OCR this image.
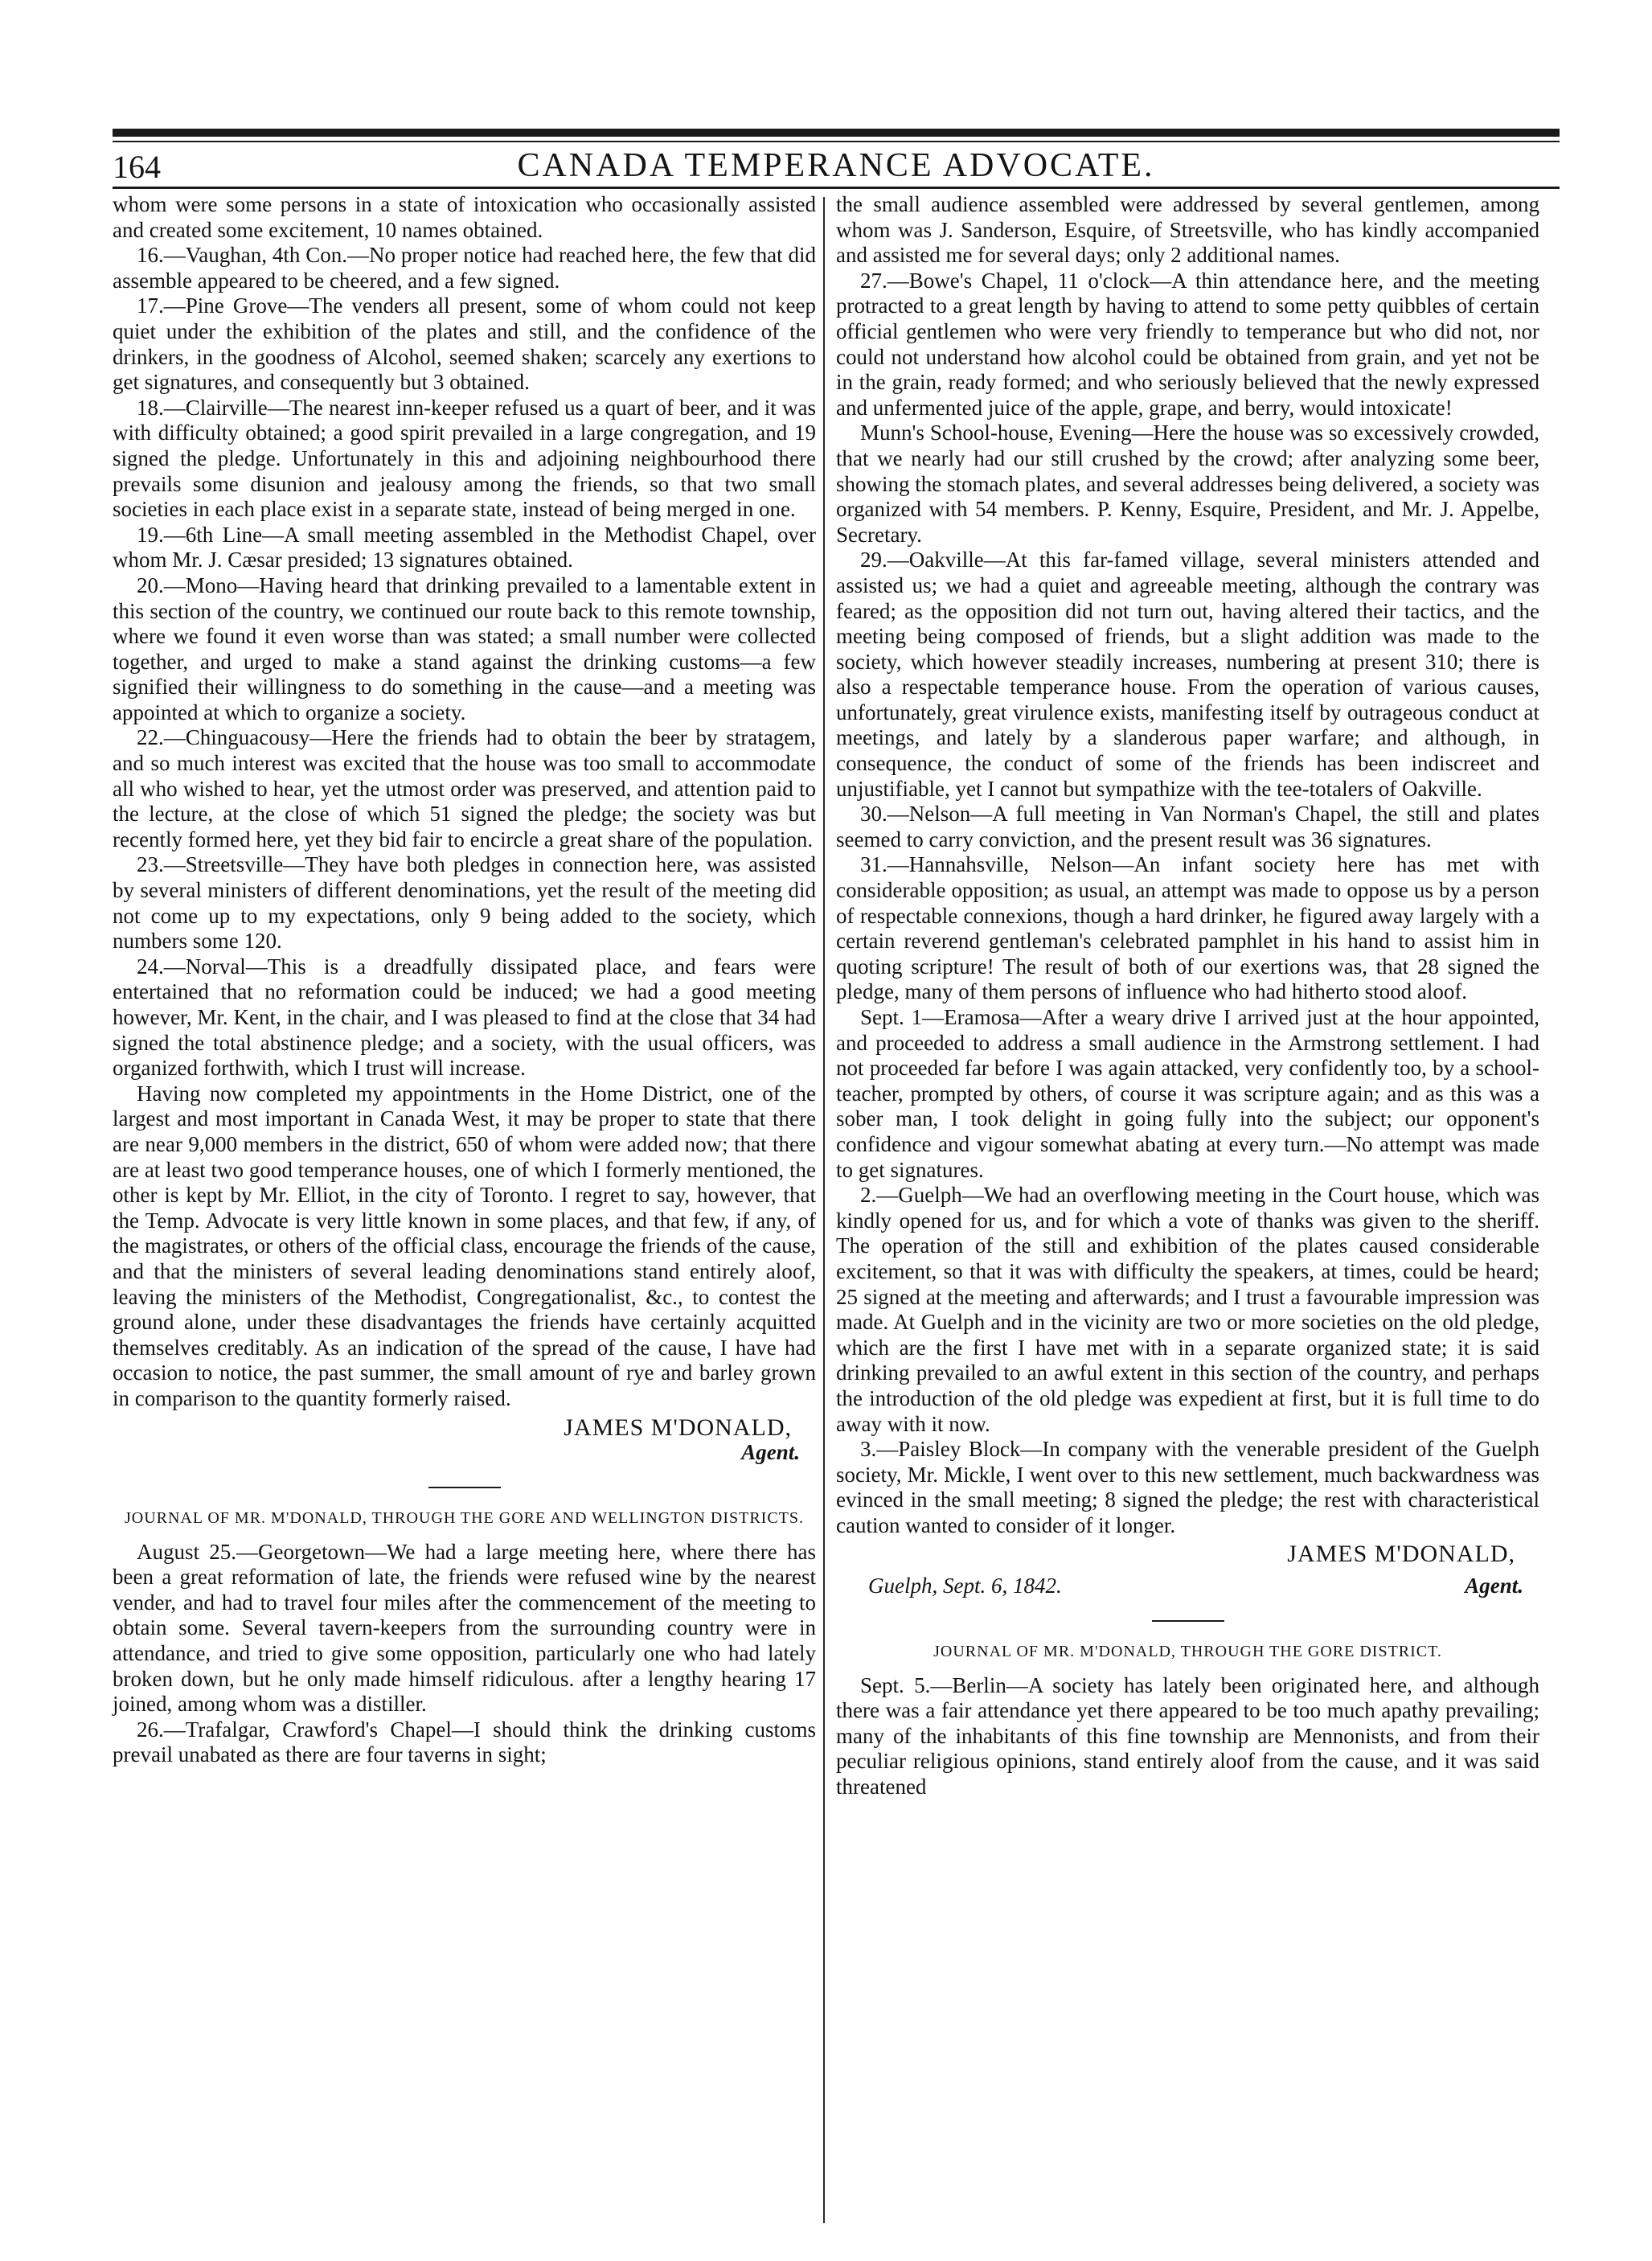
164	CANADA TEMPERANCE ADVOCATE.

whom were some persons in a state of intoxication who occasionally assisted and created some excitement, 10 names obtained.

16.—Vaughan, 4th Con.—No proper notice had reached here, the few that did assemble appeared to be cheered, and a few signed.

17.—Pine Grove—The venders all present, some of whom could not keep quiet under the exhibition of the plates and still, and the confidence of the drinkers, in the goodness of Alcohol, seemed shaken; scarcely any exertions to get signatures, and consequently but 3 obtained.

18.—Clairville—The nearest inn-keeper refused us a quart of beer, and it was with difficulty obtained; a good spirit prevailed in a large congregation, and 19 signed the pledge. Unfortunately in this and adjoining neighbourhood there prevails some disunion and jealousy among the friends, so that two small societies in each place exist in a separate state, instead of being merged in one.

19.—6th Line—A small meeting assembled in the Methodist Chapel, over whom Mr. J. Cæsar presided; 13 signatures obtained.

20.—Mono—Having heard that drinking prevailed to a lamentable extent in this section of the country, we continued our route back to this remote township, where we found it even worse than was stated; a small number were collected together, and urged to make a stand against the drinking customs—a few signified their willingness to do something in the cause—and a meeting was appointed at which to organize a society.

22.—Chinguacousy—Here the friends had to obtain the beer by stratagem, and so much interest was excited that the house was too small to accommodate all who wished to hear, yet the utmost order was preserved, and attention paid to the lecture, at the close of which 51 signed the pledge; the society was but recently formed here, yet they bid fair to encircle a great share of the population.

23.—Streetsville—They have both pledges in connection here, was assisted by several ministers of different denominations, yet the result of the meeting did not come up to my expectations, only 9 being added to the society, which numbers some 120.

24.—Norval—This is a dreadfully dissipated place, and fears were entertained that no reformation could be induced; we had a good meeting however, Mr. Kent, in the chair, and I was pleased to find at the close that 34 had signed the total abstinence pledge; and a society, with the usual officers, was organized forthwith, which I trust will increase.

Having now completed my appointments in the Home District, one of the largest and most important in Canada West, it may be proper to state that there are near 9,000 members in the district, 650 of whom were added now; that there are at least two good temperance houses, one of which I formerly mentioned, the other is kept by Mr. Elliot, in the city of Toronto. I regret to say, however, that the Temp. Advocate is very little known in some places, and that few, if any, of the magistrates, or others of the official class, encourage the friends of the cause, and that the ministers of several leading denominations stand entirely aloof, leaving the ministers of the Methodist, Congregationalist, &c., to contest the ground alone, under these disadvantages the friends have certainly acquitted themselves creditably. As an indication of the spread of the cause, I have had occasion to notice, the past summer, the small amount of rye and barley grown in comparison to the quantity formerly raised.

JAMES M'DONALD,
Agent.

JOURNAL OF MR. M'DONALD, THROUGH THE GORE AND WELLINGTON DISTRICTS.

August 25.—Georgetown—We had a large meeting here, where there has been a great reformation of late, the friends were refused wine by the nearest vender, and had to travel four miles after the commencement of the meeting to obtain some. Several tavern-keepers from the surrounding country were in attendance, and tried to give some opposition, particularly one who had lately broken down, but he only made himself ridiculous. after a lengthy hearing 17 joined, among whom was a distiller.

26.—Trafalgar, Crawford's Chapel—I should think the drinking customs prevail unabated as there are four taverns in sight;

the small audience assembled were addressed by several gentlemen, among whom was J. Sanderson, Esquire, of Streetsville, who has kindly accompanied and assisted me for several days; only 2 additional names.

27.—Bowe's Chapel, 11 o'clock—A thin attendance here, and the meeting protracted to a great length by having to attend to some petty quibbles of certain official gentlemen who were very friendly to temperance but who did not, nor could not understand how alcohol could be obtained from grain, and yet not be in the grain, ready formed; and who seriously believed that the newly expressed and unfermented juice of the apple, grape, and berry, would intoxicate!

Munn's School-house, Evening—Here the house was so excessively crowded, that we nearly had our still crushed by the crowd; after analyzing some beer, showing the stomach plates, and several addresses being delivered, a society was organized with 54 members. P. Kenny, Esquire, President, and Mr. J. Appelbe, Secretary.

29.—Oakville—At this far-famed village, several ministers attended and assisted us; we had a quiet and agreeable meeting, although the contrary was feared; as the opposition did not turn out, having altered their tactics, and the meeting being composed of friends, but a slight addition was made to the society, which however steadily increases, numbering at present 310; there is also a respectable temperance house. From the operation of various causes, unfortunately, great virulence exists, manifesting itself by outrageous conduct at meetings, and lately by a slanderous paper warfare; and although, in consequence, the conduct of some of the friends has been indiscreet and unjustifiable, yet I cannot but sympathize with the tee-totalers of Oakville.

30.—Nelson—A full meeting in Van Norman's Chapel, the still and plates seemed to carry conviction, and the present result was 36 signatures.

31.—Hannahsville, Nelson—An infant society here has met with considerable opposition; as usual, an attempt was made to oppose us by a person of respectable connexions, though a hard drinker, he figured away largely with a certain reverend gentleman's celebrated pamphlet in his hand to assist him in quoting scripture! The result of both of our exertions was, that 28 signed the pledge, many of them persons of influence who had hitherto stood aloof.

Sept. 1—Eramosa—After a weary drive I arrived just at the hour appointed, and proceeded to address a small audience in the Armstrong settlement. I had not proceeded far before I was again attacked, very confidently too, by a school-teacher, prompted by others, of course it was scripture again; and as this was a sober man, I took delight in going fully into the subject; our opponent's confidence and vigour somewhat abating at every turn.—No attempt was made to get signatures.

2.—Guelph—We had an overflowing meeting in the Court house, which was kindly opened for us, and for which a vote of thanks was given to the sheriff. The operation of the still and exhibition of the plates caused considerable excitement, so that it was with difficulty the speakers, at times, could be heard; 25 signed at the meeting and afterwards; and I trust a favourable impression was made. At Guelph and in the vicinity are two or more societies on the old pledge, which are the first I have met with in a separate organized state; it is said drinking prevailed to an awful extent in this section of the country, and perhaps the introduction of the old pledge was expedient at first, but it is full time to do away with it now.

3.—Paisley Block—In company with the venerable president of the Guelph society, Mr. Mickle, I went over to this new settlement, much backwardness was evinced in the small meeting; 8 signed the pledge; the rest with characteristical caution wanted to consider of it longer.

JAMES M'DONALD,
Guelph, Sept. 6, 1842.	Agent.

JOURNAL OF MR. M'DONALD, THROUGH THE GORE DISTRICT.

Sept. 5.—Berlin—A society has lately been originated here, and although there was a fair attendance yet there appeared to be too much apathy prevailing; many of the inhabitants of this fine township are Mennonists, and from their peculiar religious opinions, stand entirely aloof from the cause, and it was said threatened
